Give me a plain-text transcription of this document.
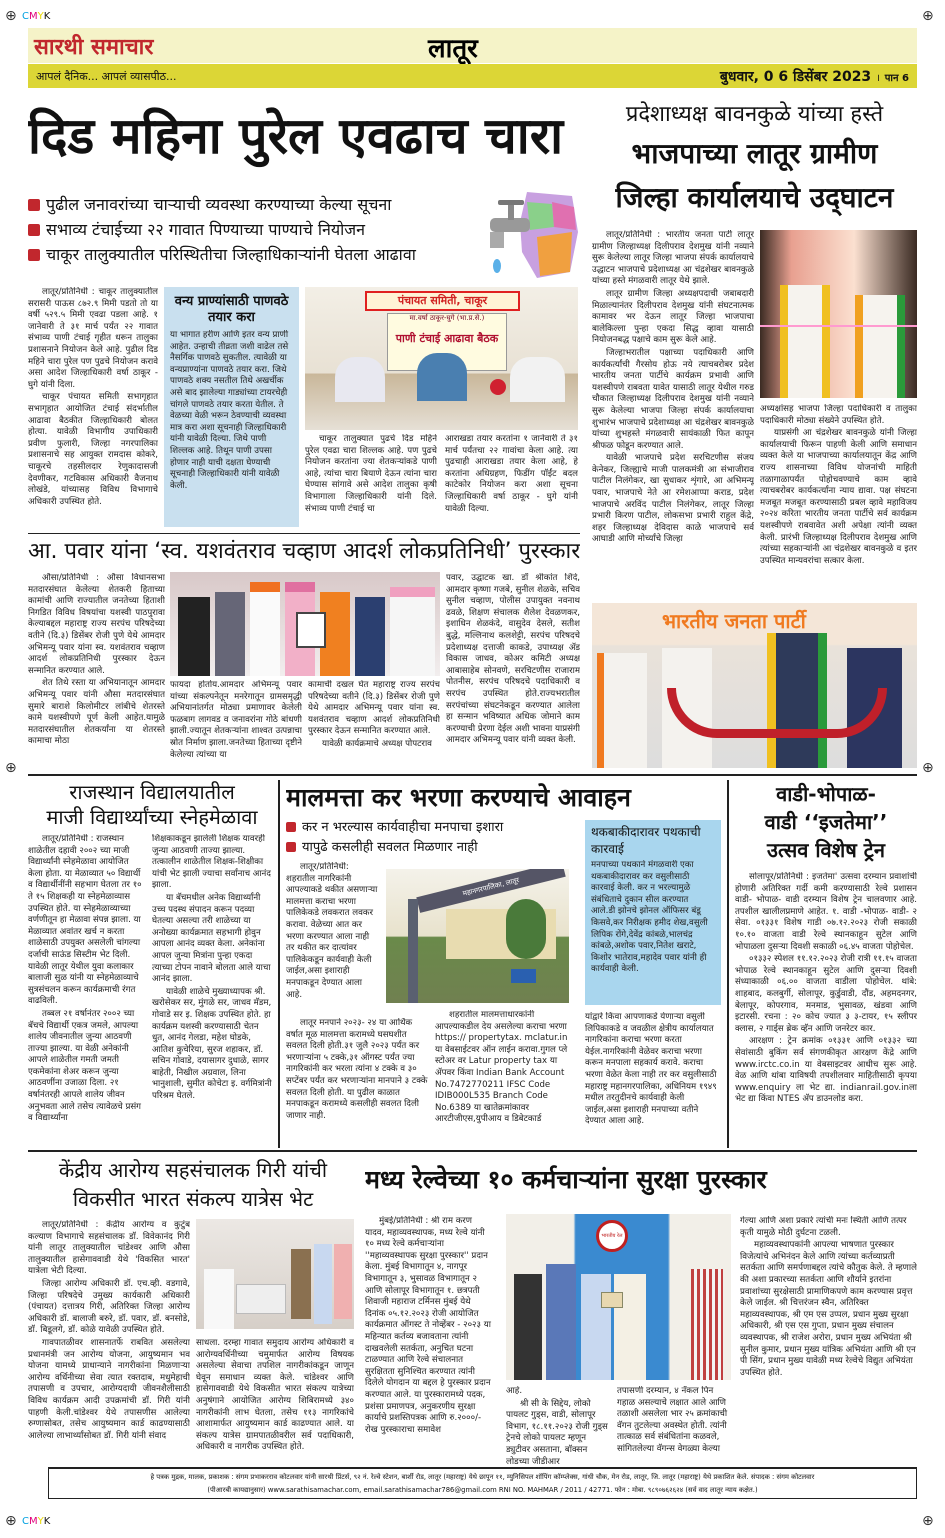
⊕ CMYK	⊕
⊕ CMYK	⊕
⊕	⊕
सारथी समाचार	लातूर
आपलं दैनिक... आपलं व्यासपीठ...	बुधवार, 0 6 डिसेंबर 2023 । पान 6
दिड महिना पुरेल एवढाच चारा
पुढील जनावरांच्या चाऱ्याची व्यवस्था करण्याच्या केल्या सूचना
सभाव्य टंचाईच्या २२ गावात पिण्याच्या पाण्याचे नियोजन
चाकूर तालुक्यातील परिस्थितीचा जिल्हाधिकाऱ्यांनी घेतला आढावा

लातूर/प्रतिनिधी : चाकूर तालुक्यातील सरासरी पाऊस ८७२.९ मिमी पडतो तो या वर्षी ५२९.५ मिमी एवढा पडला आहे. १ जानेवारी ते ३१ मार्च पर्यंत २२ गावात संभाव्य पाणी टंचाई गृहीत धरून तालुका प्रशासनाने नियोजन केले आहे. पुढील दिड महिने चारा पुरेल पण पुढचे नियोजन करावे असा आदेश जिल्हाधिकारी वर्षा ठाकूर - घुगे यांनी दिला.

चाकूर पंचायत समिती सभागृहात सभागृहात आयोजित टंचाई संदर्भातील आढावा बैठकीत जिल्हाधिकारी बोलत होत्या. यावेळी विभागीय उपाधिकारी प्रवीण फुलारी, जिल्हा नगरपालिका प्रशासनाचे सह आयुक्त रामदास कोकरे, चाकूरचे तहसीलदार रेणुकादासजी देवणीकर, गटविकास अधिकारी वैजनाथ लोखंडे, यांच्यासह विविध विभागाचे अधिकारी उपस्थित होते.

वन्य प्राण्यांसाठी पाणवठे तयार करा
या भागात हरीण आणि इतर वन्य प्राणी आहेत. उन्हाची तीव्रता जशी वाढेल तसे नैसर्गिक पाणवठे सुकतील. त्यावेळी या वन्यप्राण्यांना पाणवठे तयार करा. जिथे पाणवठे शक्य नसतील तिथे अखर्चीक असे बाद झालेल्या गाड्यांच्या टायरचेही चांगले पाणवठे तयार करता येतील. ते वेळच्या वेळी भरून ठेवण्याची व्यवस्था मात्र करा अशा सूचनाही जिल्हाधिकारी यांनी यावेळी दिल्या. जिथे पाणी शिल्लक आहे. तिथून पाणी उपसा होणार नाही याची दक्षता घेण्याची सूचनाही जिल्हाधिकारी यांनी यावेळी केली.
पंचायत समिती, चाकूर
मा.वर्षा ठाकूर-घुगे (भा.प्र.से.)
पाणी टंचाई आढावा बैठक

चाकूर तालुक्यात पुढचे दिड महिने पुरेल एवढा चारा शिल्लक आहे. पण पुढचे नियोजन करतांना ज्या शेतकऱ्यांकडे पाणी आहे, त्यांचा चारा बियाणे देऊन त्यांना चारा घेण्यास सांगावे असे आदेश तालुका कृषी विभागाला जिल्हाधिकारी यांनी दिले. संभाव्य पाणी टंचाई चा

आराखडा तयार करतांना १ जानेवारी ते ३१ मार्च पर्यंतचा २२ गावांचा केला आहे. त्या पुढचाही आराखडा तयार केला आहे, हे करतांना अधिग्रहण, फिडींग पॉईंट बदल काटेकोर नियोजन करा अशा सूचना जिल्हाधिकारी वर्षा ठाकूर - घुगे यांनी यावेळी दिल्या.

प्रदेशाध्यक्ष बावनकुळे यांच्या हस्ते
भाजपाच्या लातूर ग्रामीण
जिल्हा कार्यालयाचे उद्‌घाटन

लातूर/प्रतिनिधी : भारतीय जनता पार्टी लातूर ग्रामीण जिल्हाध्यक्ष दिलीपराव देशमुख यांनी नव्याने सुरू केलेल्या लातूर जिल्हा भाजपा संपर्क कार्यालयाचे उद्धाटन भाजपाचे प्रदेशाध्यक्ष आ चंद्रशेखर बावनकुळे यांच्या हस्ते मंगळवारी लातूर येथे झाले.

लातूर ग्रामीण जिल्हा अध्यक्षपदाची जबाबदारी मिळाल्यानंतर दिलीपराव देशमुख यांनी संघटनात्मक कामावर भर देऊन लातूर जिल्हा भाजपाचा बालेकिल्ला पुन्हा एकदा सिद्ध व्हावा यासाठी नियोजनबद्ध पक्षाचे काम सुरू केले आहे.

जिल्हाभरातील पक्षाच्या पदाधिकारी आणि कार्यकर्त्यांची गैरसोय होऊ नये त्याचबरोबर प्रदेश भारतीय जनता पार्टीचे कार्यक्रम प्रभावी आणि यशस्वीपणे राबवता यावेत यासाठी लातूर येथील गरुड चौकात जिल्हाध्यक्ष दिलीपराव देशमुख यांनी नव्याने सुरू केलेल्या भाजपा जिल्हा संपर्क कार्यालयाचा शुभारंभ भाजपाचे प्रदेशाध्यक्ष आ चंद्रशेखर बावनकुळे यांच्या शुभहस्ते मंगळवारी सायंकाळी फित कापून श्रीफळ फोडून करण्यात आले.

यावेळी भाजपाचे प्रदेश सरचिटणीस संजय केनेकर, जिल्ह्याचे माजी पालकमंत्री आ संभाजीराव पाटील निलंगेकर, खा सुधाकर शृंगारे, आ अभिमन्यू पवार, भाजपाचे नेते आ रमेशआप्पा कराड, प्रदेश भाजपाचे अरविंद पाटील निलंगेकर, लातूर जिल्हा प्रभारी किरण पाटील, लोकसभा प्रभारी राहुल केंद्रे, शहर जिल्हाध्यक्ष देविदास काळे भाजपाचे सर्व आघाडी आणि मोर्च्यांचे जिल्हा

अध्यक्षांसह भाजपा जिल्हा पदाधिकारी व तालुका पदाधिकारी मोठ्या संख्येने उपस्थित होते.

याप्रसंगी आ चंद्रशेखर बावनकुळे यांनी जिल्हा कार्यालयाची फिरून पाहणी केली आणि समाधान व्यक्त केले या भाजपाच्या कार्यालयातून केंद्र आणि राज्य शासनाच्या विविध योजनांची माहिती तळागाळापर्यंत पोहोचवण्याचे काम व्हावे त्याचबरोबर कार्यकर्त्यांना न्याय द्यावा. पक्ष संघटना मजबूत मजबूत करण्यासाठी प्रबल व्हावे महाविजय २०२४ करिता भारतीय जनता पार्टीचे सर्व कार्यक्रम यशस्वीपणे राबवावेत अशी अपेक्षा त्यांनी व्यक्त केली. प्रारंभी जिल्हाध्यक्ष दिलीपराव देशमुख आणि त्यांच्या सहकाऱ्यांनी आ चंद्रशेखर बावनकुळे व इतर उपस्थित मान्यवरांचा सत्कार केला.

भारतीय जनता पार्टी
आ. पवार यांना ‘स्व. यशवंतराव चव्हाण आदर्श लोकप्रतिनिधी’ पुरस्कार

औसा/प्रतिनिधी : औसा विधानसभा मतदारसंघात केलेल्या शेतकरी हिताच्या कामांची आणि राज्यातील जनतेच्या हिताशी निगडित विविध विषयांचा यशस्वी पाठपुरावा केल्याबद्दल महाराष्ट्र राज्य सरपंच परिषदेच्या वतीने (दि.३) डिसेंबर रोजी पुणे येथे आमदार अभिमन्यू पवार यांना स्व. यशवंतराव चव्हाण आदर्श लोकप्रतिनिधी पुरस्कार देऊन सन्मानित करण्यात आले.

शेत तिथे रस्ता या अभियानातून आमदार अभिमन्यू पवार यांनी औसा मतदारसंघात सुमारे बाराशे किलोमीटर लांबीचे शेतरस्ते कामे यशस्वीपणे पूर्ण केली आहेत.यामुळे मतदारसंघातील शेतकर्यांना या शेतरस्ते कामाचा मोठा

फायदा होतोय.आमदार अभिमन्यू पवार यांच्या संकल्पनेतून मनरेगातून ग्रामसमृद्धी अभियानांतर्गत मोठ्या प्रमाणावर केलेली फळबाग लागवड व जनावरांना गोठे बांधणी झाली.ज्यातून शेतकऱ्यांना शाश्वत उत्पन्नाचा स्रोत निर्माण झाला.जनतेच्या हिताच्या दृष्टीने केलेल्या त्यांच्या या

कामाची दखल घेत महाराष्ट्र राज्य सरपंच परिषदेच्या वतीने (दि.३) डिसेंबर रोजी पुणे येथे आमदार अभिमन्यू पवार यांना स्व. यशवंतराव चव्हाण आदर्श लोकप्रतिनिधी पुरस्कार देऊन सन्मानित करण्यात आले.

यावेळी कार्यक्रमाचे अध्यक्ष पोपटराव

पवार, उद्घाटक खा. डॉ श्रीकांत शिंदे, आमदार कृष्णा गजबे, सुनील शेळके, सचिव सुनील चव्हाण, पोलीस उपायुक्त नवनाथ ढवळे, शिक्षण संचालक शैलेश देवळणकर, इशाधिन शेळकंदे, वासुदेव देसले, सतीश बुद्धे, मल्लिनाथ कलशेट्टी, सरपंच परिषदचे प्रदेशाध्यक्ष दत्ताजी काकडे, उपाध्यक्ष ॲड विकास जाधव, कोअर कमिटी अध्यक्ष आबासाहेब सोनवणे, सरचिटणीस राजाराम पोतनीस, सरपंच परिषदचे पदाधिकारी व सरपंच उपस्थित होते.राज्यभरातील सरपंचांच्या संघटनेकडून करण्यात आलेला हा सन्मान भविष्यात अधिक जोमाने काम करण्याची प्रेरणा देईल अशी भावना याप्रसंगी आमदार अभिमन्यू पवार यांनी व्यक्त केली.

राजस्थान विद्यालयातील
माजी विद्यार्थ्यांच्या स्नेहमेळावा

लातूर/प्रतिनिधी : राजस्थान शाळेतील दहावी २००२ च्या माजी विद्यार्थ्यांनी स्नेहमेळावा आयोजित केला होता. या मेळाव्यात ५० विद्यार्थी व विद्यार्थीनींनी सहभाग घेतला तर १० ते १५ शिक्षकही या स्नेहमेळाव्यास उपस्थित होते. या स्नेहमेळाव्याच्या वर्णणीतून हा मेळावा संपन्न झाला. या मेळाव्यात अवांतर खर्च न करता शाळेसाठी उपयुक्त असलेली चांगल्या दर्जाची साऊंड सिस्टीम भेट दिली. यावेळी लातूर येथील युवा कलाकार बालाजी सुळ यांनी या स्नेहमेळाव्याचे सुत्रसंचलन करून कार्यक्रमाची रंगत वाढविली.

तब्बल २१ वर्षानंतर २००२ च्या बॅचचे विद्यार्थी एकत्र जमले, आपल्या शालेय जीवनातील जुन्या आठवणी ताज्या झाल्या. या वेळी अनेकांनी आपले शाळेतील गमती जमती एकमेकांना शेअर करून जुन्या आठवणींना उजाळा दिला. २१ वर्षानंतरही आपले शालेय जीवन अनुभवता आले तसेच त्यावेळचे प्रसंग व विद्यार्थ्यांना

शिक्षकाकडून झालेली शिक्षक यावरही जुन्या आठवणी ताज्या झाल्या. तत्कालीन शाळेतील शिक्षक-शिक्षीका यांची भेट झाली ज्याचा सर्वांनाच आनंद झाला.

या बॅचमधील अनेक विद्यार्थ्यांनी उच्च पदस्थ संपादन करून पदव्या घेतल्या असल्या तरी शाळेच्या या अनोख्या कार्यक्रमात सहभागी होवुन आपला आनंद व्यक्त केला. अनेकांना आपल जुन्या मित्रांना पुन्हा एकदा त्याच्या टोपन नावाने बोलता आले याचा आनंद झाला.

यावेळी शाळेचे मुख्याध्यापक श्री. खरोसेकर सर, मुंगळे सर, जाधव मॅडम, गोवाडे सर इ. शिक्षक उपस्थित होते. हा कार्यक्रम यशस्वी करण्यासाठी चेतन धुत, आनंद गेलडा, महेश घोडके, आतिश कुचेरिया, सुरज शहाकर, डॉ. सचिन गोवाडे, दयासागर दुधाळे, सागर बाहेती, निखील अग्रवाल, लिना भानुशाली, सुमीत कोचेटा इ. वर्गमित्रांनी परिश्रम घेतले.

मालमत्ता कर भरणा करण्याचे आवाहन
कर न भरल्यास कार्यवाहीचा मनपाचा इशारा
यापुढे कसलीही सवलत मिळणार नाही

लातूर/प्रतिनिधी: शहरातील नागरिकांनी आपल्याकडे थकीत असणाऱ्या मालमत्ता कराचा भरणा पालिकेकडे लवकरात लवकर करावा. वेळेच्या आत कर भरणा करण्यात आला नाही तर थकीत कर दात्यांवर पालिकेकडून कार्यवाही केली जाईल,असा इशाराही मनपाकडून देण्यात आला आहे.

महानगरपालिका, लातूर

लातूर मनपाने २०२३- २४ या आर्थिक वर्षात मूळ मालमत्ता करामध्ये घसघशीत सवलत दिली होती.३१ जुलै २०२३ पर्यंत कर भरणाऱ्यांना ५ टक्के,३१ ऑगस्ट पर्यंत ज्या नागरिकांनी कर भरला त्यांना ४ टक्के व ३० सप्टेंबर पर्यंत कर भरणाऱ्यांना मानपाने ३ टक्के सवलत दिली होती. या पुढील काळात मनपाकडून करामध्ये कसलीही सवलत दिली जाणार नाही.

शहरातील मालमत्ताधारकांनी आपल्याकडील देय असलेल्या कराचा भरणा https:// propertytax. mclatur.in या वेबसाईटवर ऑन लाईन करावा.गुगल प्ले स्टोअर वर Latur property tax या ॲपवर किंवा Indian Bank Account No.7472770211 IFSC Code IDIB000L535 Branch Code No.6389 या खातेक्रमांकावर आरटीजीएस,युपीआय व डिबेटकार्ड

थकबाकीदारावर पथकाची कारवाई
मनपाच्या पथकाने मंगळवारी एका थकबाकीदारावर कर वसुलीसाठी कारवाई केली. कर न भरल्यामुळे संबंधिताचे दुकान सील करण्यात आले.डी झोनचे झोनल ऑफिसर बंडू किसवे,कर निरीक्षक हमीद शेख,वसुली लिपिक रोंगे,देवेंद्र कांबळे,भालचंद्र कांबळे,अशोक पवार,नितेश खराटे, किशोर भातेराव,महादेव पवार यांनी ही कार्यवाही केली.

यांद्वारे किंवा आपणाकडे येणाऱ्या वसुली लिपिकाकडे व जवळील क्षेत्रीय कार्यालयात नागरिकांना कराचा भरणा करता येईल.नागरिकांनी वेळेवर कराचा भरणा करून मनपाला सहकार्य करावे. कराचा भरणा वेळेत केला नाही तर कर वसुलीसाठी महाराष्ट्र महानगरपालिका, अधिनियम १९४९ मधील तरतुदीनचे कार्यवाही केली जाईल,असा इशाराही मनपाच्या वतीने देण्यात आला आहे.

वाडी-भोपाळ-
वाडी ‘‘इजतेमा’’
उत्सव विशेष ट्रेन

सोलापूर/प्रतिनिधी : इजतेमा' उत्सवा दरम्यान प्रवाशांची होणारी अतिरिक्त गर्दी कमी करण्यासाठी रेल्वे प्रशासन वाडी- भोपाळ- वाडी दरम्यान विशेष ट्रेन चालवणार आहे. तपशील खालीलप्रमाणे आहेत. १. वाडी -भोपाळ- वाडी- २ सेवा. ०१३३१ विशेष गाडी ०७.१२.२०२३ रोजी सकाळी १०.१० वाजता वाडी रेल्वे स्थानकाहून सुटेल आणि भोपाळला दुसऱ्या दिवशी सकाळी ०६.४५ वाजता पोहोचेल.

०१३३२ स्पेशल ११.१२.२०२३ रोजी रात्री ११.१५ वाजता भोपाळ रेल्वे स्थानकाहून सुटेल आणि दुसऱ्या दिवशी संध्याकाळी ०६.०० वाजता वाडीला पोहोचेल. थांबे: शाहबाद, कलबुर्गी, सोलापूर, कुर्डुवाडी, दौंड, अहमदनगर, बेलापूर, कोपरगाव, मनमाड, भुसावळ, खंडवा आणि इटारसी. रचना : २० कोच ज्यात ३ ३-टायर, १५ स्लीपर क्लास, २ गार्ड्स ब्रेक व्हॅन आणि जनरेटर कार.

आरक्षण : ट्रेन क्रमांक ०१३३१ आणि ०१३३२ च्या सेवांसाठी बुकिंग सर्व संगणकीकृत आरक्षण केंद्रे आणि www.irctc.co.in या वेबसाइटवर आधीच सुरू आहे. वेळ आणि थांबा याविषयी तपशीलवार माहितीसाठी कृपया www.enquiry ला भेट द्या. indianrail.gov.inला भेट द्या किंवा NTES ॲप डाउनलोड करा.

केंद्रीय आरोग्य सहसंचालक गिरी यांची
विकसीत भारत संकल्प यात्रेस भेट

लातूर/प्रतिनिधी : केंद्रीय आरोग्य व कुटुंब कल्याण विभागाचे सहसंचालक डॉ. विवेकानंद गिरी यांनी लातूर तालुक्यातील चांडेश्वर आणि औसा तालुक्यातील हासेगाववाडी येथे 'विकसित भारत' यात्रेला भेटी दिल्या.

जिल्हा आरोग्य अधिकारी डॉ. एच.व्ही. वडगावे, जिल्हा परिषदेचे उमुख्य कार्यकारी अधिकारी (पंचायत) दत्तात्रय गिरी, अतिरिक्त जिल्हा आरोग्य अधिकारी डॉ. बालाजी बरुरे, डॉ. पवार, डॉ. बनसोडे, डॉ. बिडूलगे, डॉ. कोळे यावेळी उपस्थित होते.

गावपातळीवर शासनातर्फे राबवित असलेल्या प्रधानमंत्री जन आरोग्य योजना, आयुष्यमान भव योजना यामध्ये प्राधान्याने नागरीकांना मिळणाऱ्या आरोग्य वर्धिनीच्या सेवा त्यात रक्तदाब, मधुमेहाची तपासणी व उपचार, आरोग्यदायी जीवनशैलीसाठी विविध कार्यक्रम आदी उपक्रमांची डॉ. गिरी यांनी पाहणी केली.चांडेश्वर येथे तपासणीस आलेल्या रुग्णासोबत, तसेच आयुष्यमान कार्ड काढण्यासाठी आलेल्या लाभार्थ्यांसोबत डॉ. गिरी यांनी संवाद

साधला. दरम्हा गावात समुदाय आरोग्य अधिकारी व आरोग्यवर्धिनीच्या चमुमार्फत आरोग्य विषयक असलेल्या सेवाचा तपशिल नागरीकांकडून जाणून घेवून समाधान व्यक्त केले. चांडेश्वर आणि हासेगाववाडी येथे विकसीत भारत संकल्प यात्रेच्या अनुषंगाने आयोजित आरोग्य शिबिरामध्ये ३४० नागरीकांनी लाभ घेतला, तसेच ११३ नागरिकांचे आशामार्फत आयुष्यमान कार्ड काढण्यात आले. या संकल्प यात्रेस ग्रामपातळीवरील सर्व पदाधिकारी, अधिकारी व नागरीक उपस्थित होते.

मध्य रेल्वेच्या १० कर्मचाऱ्यांना सुरक्षा पुरस्कार

मुंबई/प्रतिनिधी : श्री राम करण यादव, महाव्यवस्थापक, मध्य रेल्वे यांनी १० मध्य रेल्वे कर्मचाऱ्यांना ''महाव्यवस्थापक सुरक्षा पुरस्कार'' प्रदान केला. मुंबई विभागातून ४, नागपूर विभागातून ३, भुसावळ विभागातून २ आणि सोलापूर विभागातून १. छत्रपती शिवाजी महाराज टर्मिनस मुंबई येथे दिनांक ०५.१२.२०२३ रोजी आयोजित कार्यक्रमात ऑगस्ट ते नोव्हेंबर - २०२३ या महिन्यात कर्तव्य बजावताना त्यांनी दाखवलेली सतर्कता, अनुचित घटना टाळण्यात आणि रेल्वे संचालनात सुरक्षितता सुनिश्चित करण्यात त्यांनी दिलेले योगदान या बद्दल हे पुरस्कार प्रदान करण्यात आले. या पुरस्कारामध्ये पदक, प्रशंसा प्रमाणपत्र, अनुकरणीय सुरक्षा कार्याचे प्रशस्तिपत्रक आणि रु.२०००/- रोख पुरस्काराचा समावेश

भारतीय रेल

आहे.

श्री सी के सिद्देय, लोको पायलट गुड्स, वाडी, सोलापूर विभाग, १८.११.२०२३ रोजी गुड्स ट्रेनचे लोको पायलट म्हणून ड्युटीवर असताना, बॉक्सन लोडच्या जीडीआर

तपासणी दरम्यान, ४ नॅकल पिन गहाळ असल्याचे लक्षात आले आणि तळाशी असलेला भार २५ क्रमांकाची वॅगन तुटलेल्या अवस्थेत होती. त्यांनी तात्काळ सर्व संबंधितांना कळवले, सांगितलेल्या वॅगन्स वेगळ्या केल्या

गेल्या आणि अशा प्रकारे त्यांची मनः स्थिती आणि तत्पर कृती यामुळे मोठी दुर्घटना टळली.

महाव्यवस्थापकांनी आपल्या भाषणात पुरस्कार विजेत्यांचे अभिनंदन केले आणि त्यांच्या कर्तव्याप्रती सतर्कता आणि समर्पणाबद्दल त्यांचे कौतुक केले. ते म्हणाले की अशा प्रकारच्या सतर्कता आणि शौर्याने इतरांना प्रवाशांच्या सुरक्षेसाठी प्रामाणिकपणे काम करण्यास प्रवृत्त केले जाईल. श्री चित्तरंजन स्वैन, अतिरिक्त महाव्यवस्थापक, श्री एम एस उप्पल, प्रधान मुख्य सुरक्षा अधिकारी, श्री एस एस गुप्ता, प्रधान मुख्य संचालन व्यवस्थापक, श्री राजेश अरोरा, प्रधान मुख्य अभियंता श्री सुनील कुमार, प्रधान मुख्य यांत्रिक अभियंता आणि श्री एन पी सिंग, प्रधान मुख्य यावेळी मध्य रेल्वेचे विद्युत अभियंता उपस्थित होते.

हे पत्रक मुद्रक, मालक, प्रकाशक : संगम प्रभाकरराव कोटलवार यांनी सारथी प्रिंटर्स, ९२ नं. रेल्वे स्टेशन, बार्शी रोड, लातूर (महाराष्ट्र) येथे छापून ११, म्युनिसिपल शॉपिंग कॉम्प्लेक्स, गांधी चौक, मेन रोड, लातूर, जि. लातूर (महाराष्ट्र) येथे प्रकाशित केले. संपादक : संगम कोटलवार
(पीआरबी कायद्यानुसार) www.sarathisamachar.com, email.sarathisamachar786@gmail.com RNI NO. MAHMAR / 2011 / 42771. फोन : मोबा. ९८९०७६२६२४ (सर्व वाद लातूर न्याय कक्षेत.)
